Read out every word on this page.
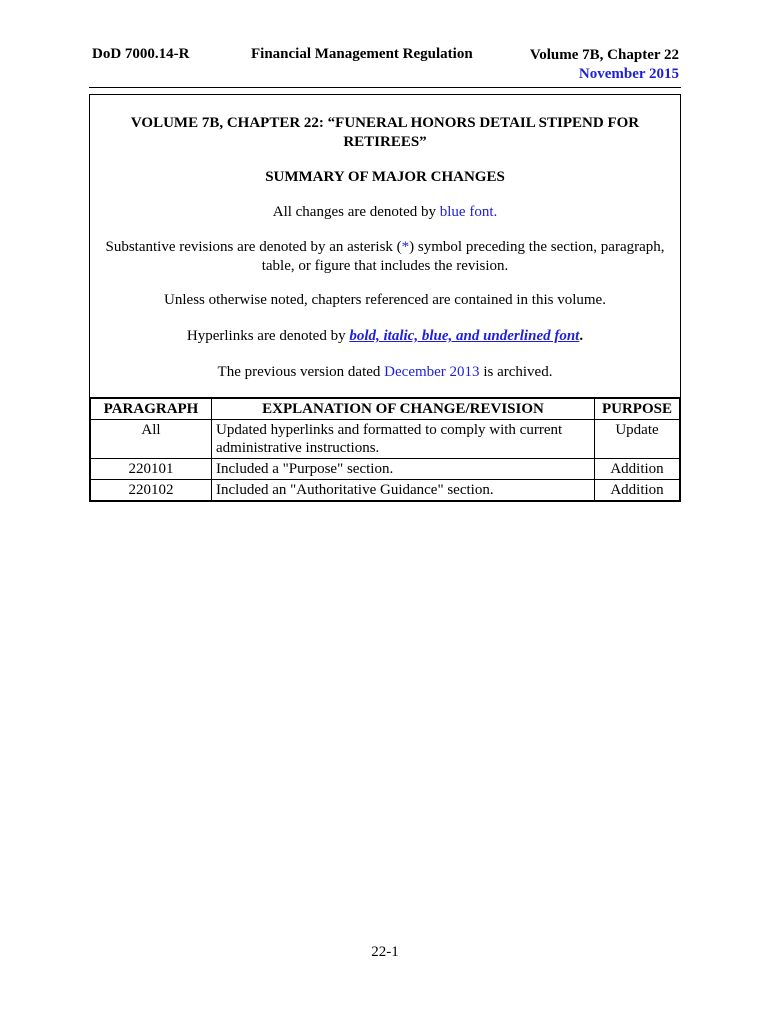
DoD 7000.14-R	Financial Management Regulation	Volume 7B, Chapter 22
November 2015
VOLUME 7B, CHAPTER 22: “FUNERAL HONORS DETAIL STIPEND FOR RETIREES”
SUMMARY OF MAJOR CHANGES
All changes are denoted by blue font.
Substantive revisions are denoted by an asterisk (*) symbol preceding the section, paragraph, table, or figure that includes the revision.
Unless otherwise noted, chapters referenced are contained in this volume.
Hyperlinks are denoted by bold, italic, blue, and underlined font.
The previous version dated December 2013 is archived.
PARAGRAPH	EXPLANATION OF CHANGE/REVISION	PURPOSE
All	Updated hyperlinks and formatted to comply with current administrative instructions.	Update
220101	Included a "Purpose" section.	Addition
220102	Included an "Authoritative Guidance" section.	Addition
22-1
